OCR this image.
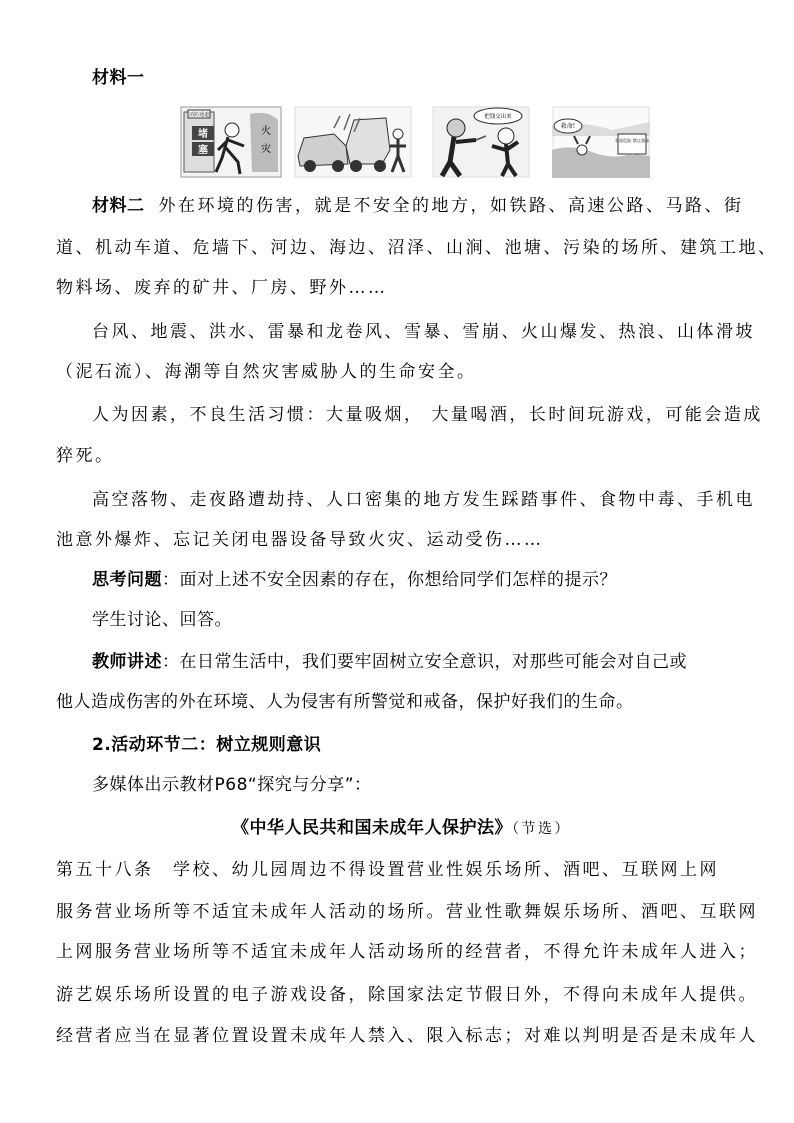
材料一
消防通道
堵
塞
火
灾
把钱交出来
救命!
水深危险 禁止游泳
材料二 外在环境的伤害，就是不安全的地方，如铁路、高速公路、马路、街
道、机动车道、危墙下、河边、海边、沼泽、山涧、池塘、污染的场所、建筑工地、
物料场、废弃的矿井、厂房、野外……
台风、地震、洪水、雷暴和龙卷风、雪暴、雪崩、火山爆发、热浪、山体滑坡
（泥石流）、海潮等自然灾害威胁人的生命安全。
人为因素，不良生活习惯：大量吸烟， 大量喝酒，长时间玩游戏，可能会造成
猝死。
高空落物、走夜路遭劫持、人口密集的地方发生踩踏事件、食物中毒、手机电
池意外爆炸、忘记关闭电器设备导致火灾、运动受伤……
思考问题：面对上述不安全因素的存在，你想给同学们怎样的提示？
学生讨论、回答。
教师讲述：在日常生活中，我们要牢固树立安全意识，对那些可能会对自己或
他人造成伤害的外在环境、人为侵害有所警觉和戒备，保护好我们的生命。
2.活动环节二：树立规则意识
多媒体出示教材P68“探究与分享”：
《中华人民共和国未成年人保护法》（节选）
第五十八条　学校、幼儿园周边不得设置营业性娱乐场所、酒吧、互联网上网
服务营业场所等不适宜未成年人活动的场所。营业性歌舞娱乐场所、酒吧、互联网
上网服务营业场所等不适宜未成年人活动场所的经营者，不得允许未成年人进入；
游艺娱乐场所设置的电子游戏设备，除国家法定节假日外，不得向未成年人提供。
经营者应当在显著位置设置未成年人禁入、限入标志；对难以判明是否是未成年人
